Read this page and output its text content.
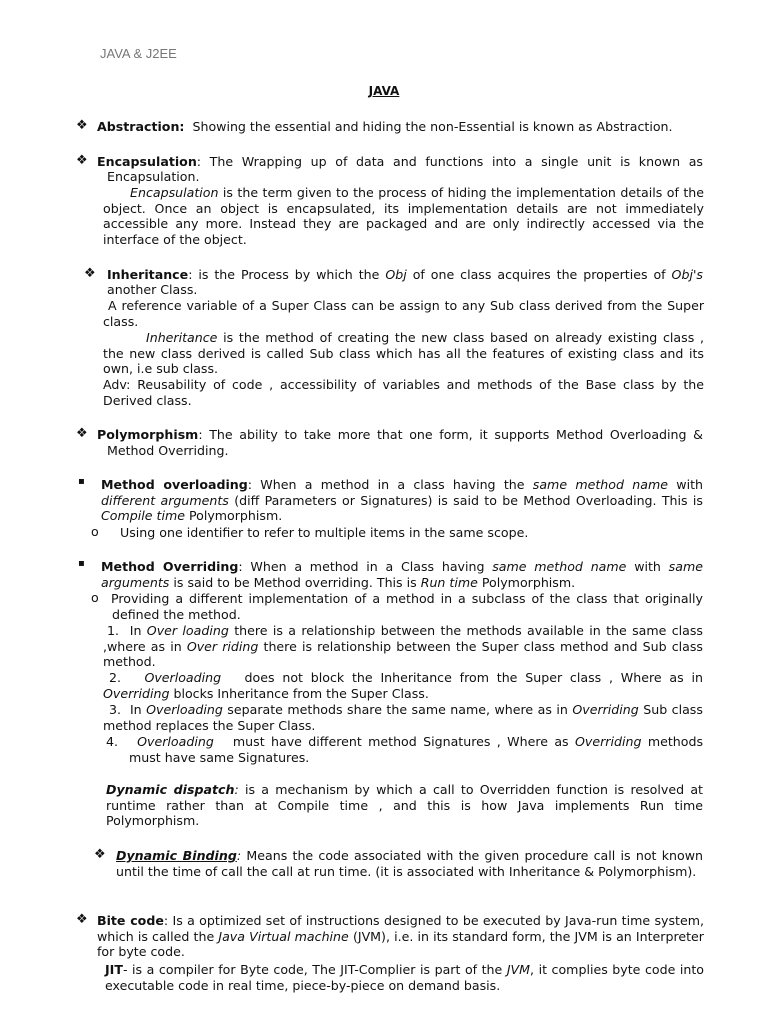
JAVA & J2EE
JAVA
❖ Abstraction: Showing the essential and hiding the non-Essential is known as Abstraction.
❖ Encapsulation: The Wrapping up of data and functions into a single unit is known as
Encapsulation.
Encapsulation is the term given to the process of hiding the implementation details of the object. Once an object is encapsulated, its implementation details are not immediately accessible any more. Instead they are packaged and are only indirectly accessed via the interface of the object.
❖ Inheritance: is the Process by which the Obj of one class acquires the properties of Obj's
another Class.
A reference variable of a Super Class can be assign to any Sub class derived from the Super class.
Inheritance is the method of creating the new class based on already existing class , the new class derived is called Sub class which has all the features of existing class and its own, i.e sub class.
Adv: Reusability of code , accessibility of variables and methods of the Base class by the Derived class.
❖ Polymorphism: The ability to take more that one form, it supports Method Overloading &
Method Overriding.
▪ Method overloading: When a method in a class having the same method name with different arguments (diff Parameters or Signatures) is said to be Method Overloading. This is Compile time Polymorphism.
o Using one identifier to refer to multiple items in the same scope.
▪ Method Overriding: When a method in a Class having same method name with same arguments is said to be Method overriding. This is Run time Polymorphism.
o Providing a different implementation of a method in a subclass of the class that originally
defined the method.
1. In Over loading there is a relationship between the methods available in the same class ,where as in Over riding there is relationship between the Super class method and Sub class method.
2. Overloading does not block the Inheritance from the Super class , Where as in Overriding blocks Inheritance from the Super Class.
3. In Overloading separate methods share the same name, where as in Overriding Sub class method replaces the Super Class.
4. Overloading must have different method Signatures , Where as Overriding methods
must have same Signatures.
Dynamic dispatch: is a mechanism by which a call to Overridden function is resolved at runtime rather than at Compile time , and this is how Java implements Run time Polymorphism.
❖ Dynamic Binding: Means the code associated with the given procedure call is not known
until the time of call the call at run time. (it is associated with Inheritance & Polymorphism).
❖ Bite code: Is a optimized set of instructions designed to be executed by Java-run time system, which is called the Java Virtual machine (JVM), i.e. in its standard form, the JVM is an Interpreter for byte code.
JIT- is a compiler for Byte code, The JIT-Complier is part of the JVM, it complies byte code into executable code in real time, piece-by-piece on demand basis.
